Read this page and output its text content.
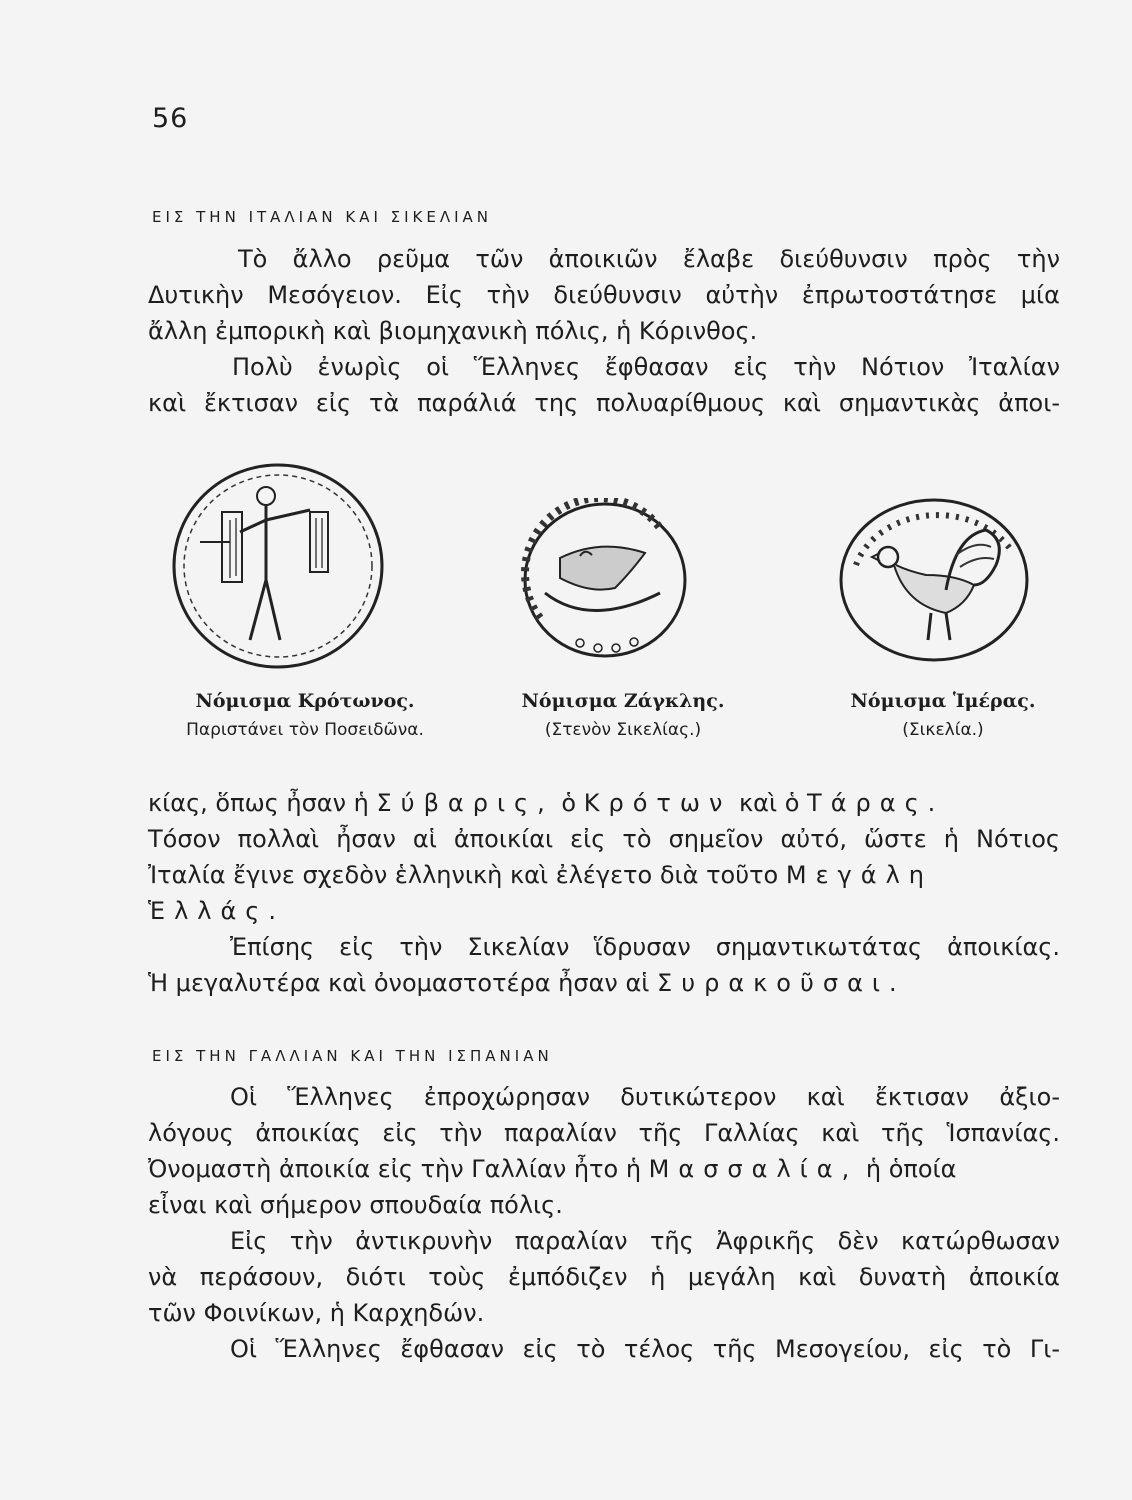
56
ΕΙΣ ΤΗΝ ΙΤΑΛΙΑΝ ΚΑΙ ΣΙΚΕΛΙΑΝ
Τὸ ἄλλο ρεῦμα τῶν ἀποικιῶν ἔλαβε διεύθυνσιν πρὸς τὴν
Δυτικὴν Μεσόγειον. Εἰς τὴν διεύθυνσιν αὐτὴν ἐπρωτοστάτησε μία
ἄλλη ἐμπορικὴ καὶ βιομηχανικὴ πόλις, ἡ Κόρινθος.
Πολὺ ἐνωρὶς οἱ Ἕλληνες ἔφθασαν εἰς τὴν Νότιον Ἰταλίαν
καὶ ἔκτισαν εἰς τὰ παράλιά της πολυαρίθμους καὶ σημαντικὰς ἀποι-
Νόμισμα Κρότωνος.
Παριστάνει τὸν Ποσειδῶνα.
Νόμισμα Ζάγκλης.
(Στενὸν Σικελίας.)
Νόμισμα Ἱμέρας.
(Σικελία.)
κίας, ὅπως ἦσαν ἡ Σύβαρις, ὁ Κρότων καὶ ὁ Τάρας.
Τόσον πολλαὶ ἦσαν αἱ ἀποικίαι εἰς τὸ σημεῖον αὐτό, ὥστε ἡ Νότιος
Ἰταλία ἔγινε σχεδὸν ἑλληνικὴ καὶ ἐλέγετο διὰ τοῦτο Μεγάλη
Ἑλλάς.
Ἐπίσης εἰς τὴν Σικελίαν ἵδρυσαν σημαντικωτάτας ἀποικίας.
Ἡ μεγαλυτέρα καὶ ὀνομαστοτέρα ἦσαν αἱ Συρακοῦσαι.
ΕΙΣ ΤΗΝ ΓΑΛΛΙΑΝ ΚΑΙ ΤΗΝ ΙΣΠΑΝΙΑΝ
Οἱ Ἕλληνες ἐπροχώρησαν δυτικώτερον καὶ ἔκτισαν ἀξιο-
λόγους ἀποικίας εἰς τὴν παραλίαν τῆς Γαλλίας καὶ τῆς Ἱσπανίας.
Ὀνομαστὴ ἀποικία εἰς τὴν Γαλλίαν ἦτο ἡ Μασσαλία, ἡ ὁποία
εἶναι καὶ σήμερον σπουδαία πόλις.
Εἰς τὴν ἀντικρυνὴν παραλίαν τῆς Ἀφρικῆς δὲν κατώρθωσαν
νὰ περάσουν, διότι τοὺς ἐμπόδιζεν ἡ μεγάλη καὶ δυνατὴ ἀποικία
τῶν Φοινίκων, ἡ Καρχηδών.
Οἱ Ἕλληνες ἔφθασαν εἰς τὸ τέλος τῆς Μεσογείου, εἰς τὸ Γι-
